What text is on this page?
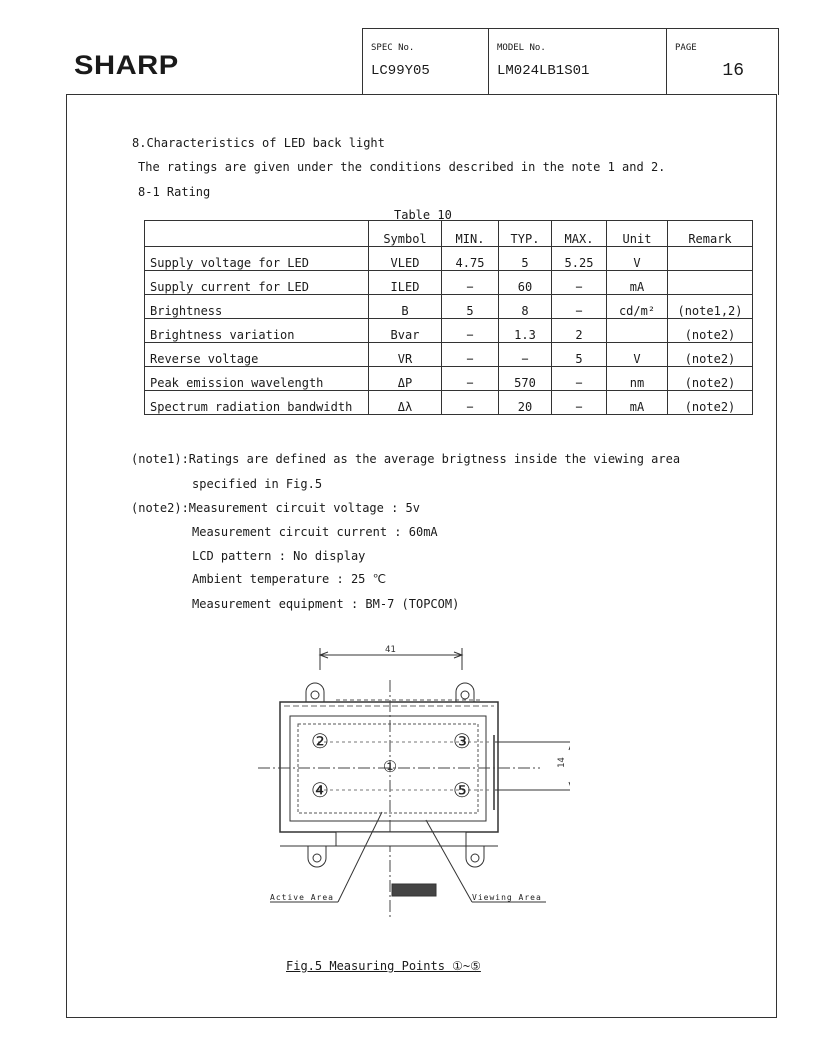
SHARP
SPEC No.
LC99Y05
MODEL No.
LM024LB1S01
PAGE
16
8.Characteristics of LED back light
The ratings are given under the conditions described in the note 1 and 2.
8-1 Rating
Table 10
	Symbol	MIN.	TYP.	MAX.	Unit	Remark
Supply voltage for LED	VLED	4.75	5	5.25	V	
Supply current for LED	ILED	−	60	−	mA	
Brightness	B	5	8	−	cd/m²	(note1,2)
Brightness variation	Bvar	−	1.3	2		(note2)
Reverse voltage	VR	−	−	5	V	(note2)
Peak emission wavelength	ΔP	−	570	−	nm	(note2)
Spectrum radiation bandwidth	Δλ	−	20	−	mA	(note2)
(note1):Ratings are defined as the average brigtness inside the viewing area
specified in Fig.5
(note2):Measurement circuit voltage : 5v
Measurement circuit current : 60mA
LCD pattern : No display
Ambient temperature : 25 ℃
Measurement equipment : BM-7 (TOPCOM)
41
14
①
②	③
④	⑤
Active Area	Viewing Area
Fig.5 Measuring Points ①~⑤
